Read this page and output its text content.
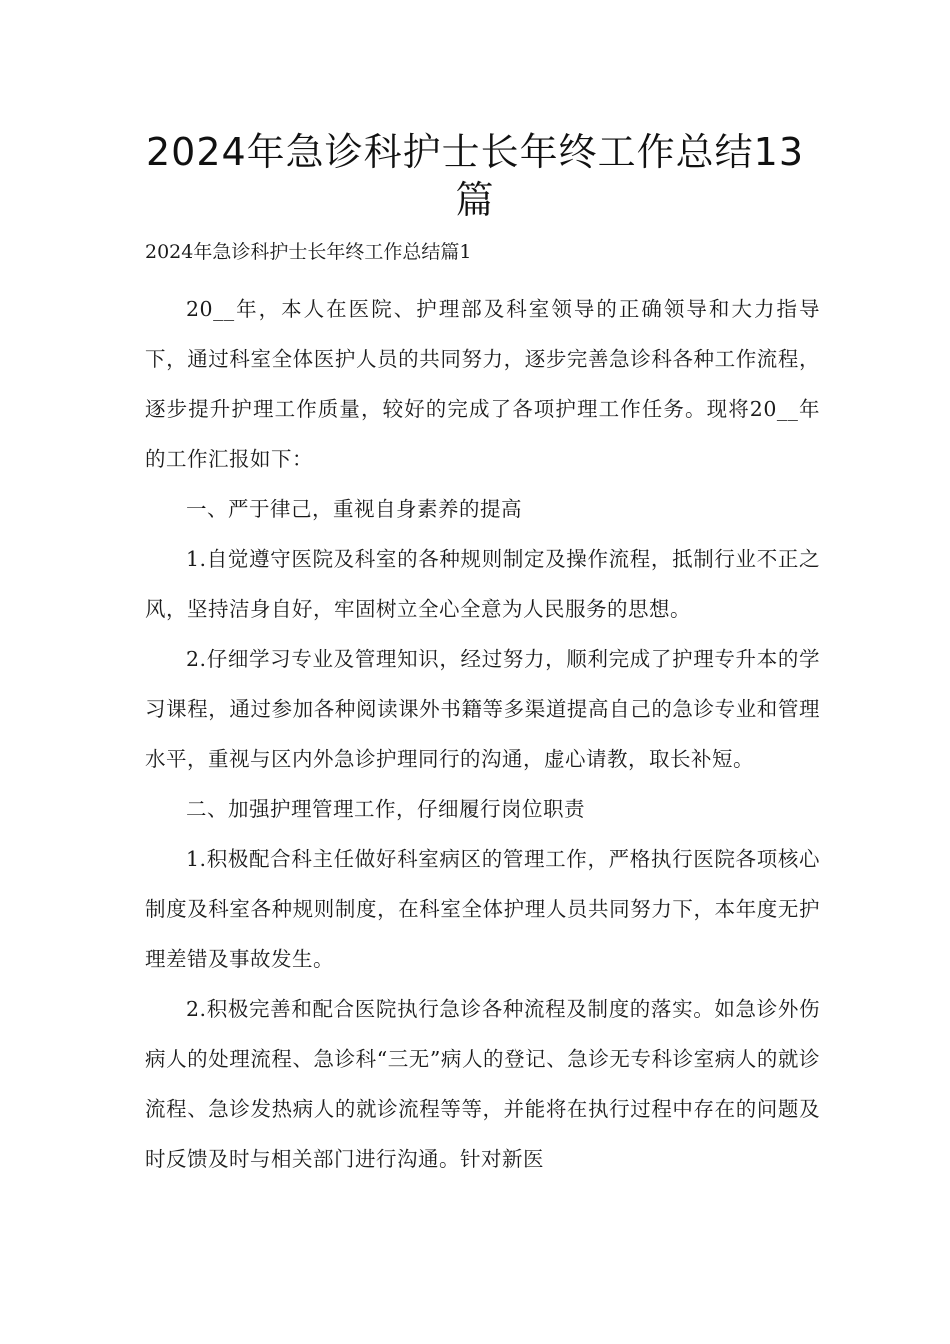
2024年急诊科护士长年终工作总结13篇

2024年急诊科护士长年终工作总结篇1

20__年，本人在医院、护理部及科室领导的正确领导和大力指导下，通过科室全体医护人员的共同努力，逐步完善急诊科各种工作流程，逐步提升护理工作质量，较好的完成了各项护理工作任务。现将20__年的工作汇报如下：

一、严于律己，重视自身素养的提高

1.自觉遵守医院及科室的各种规则制定及操作流程，抵制行业不正之风，坚持洁身自好，牢固树立全心全意为人民服务的思想。

2.仔细学习专业及管理知识，经过努力，顺利完成了护理专升本的学习课程，通过参加各种阅读课外书籍等多渠道提高自己的急诊专业和管理水平，重视与区内外急诊护理同行的沟通，虚心请教，取长补短。

二、加强护理管理工作，仔细履行岗位职责

1.积极配合科主任做好科室病区的管理工作，严格执行医院各项核心制度及科室各种规则制度，在科室全体护理人员共同努力下，本年度无护理差错及事故发生。

2.积极完善和配合医院执行急诊各种流程及制度的落实。如急诊外伤病人的处理流程、急诊科“三无”病人的登记、急诊无专科诊室病人的就诊流程、急诊发热病人的就诊流程等等，并能将在执行过程中存在的问题及时反馈及时与相关部门进行沟通。针对新医
